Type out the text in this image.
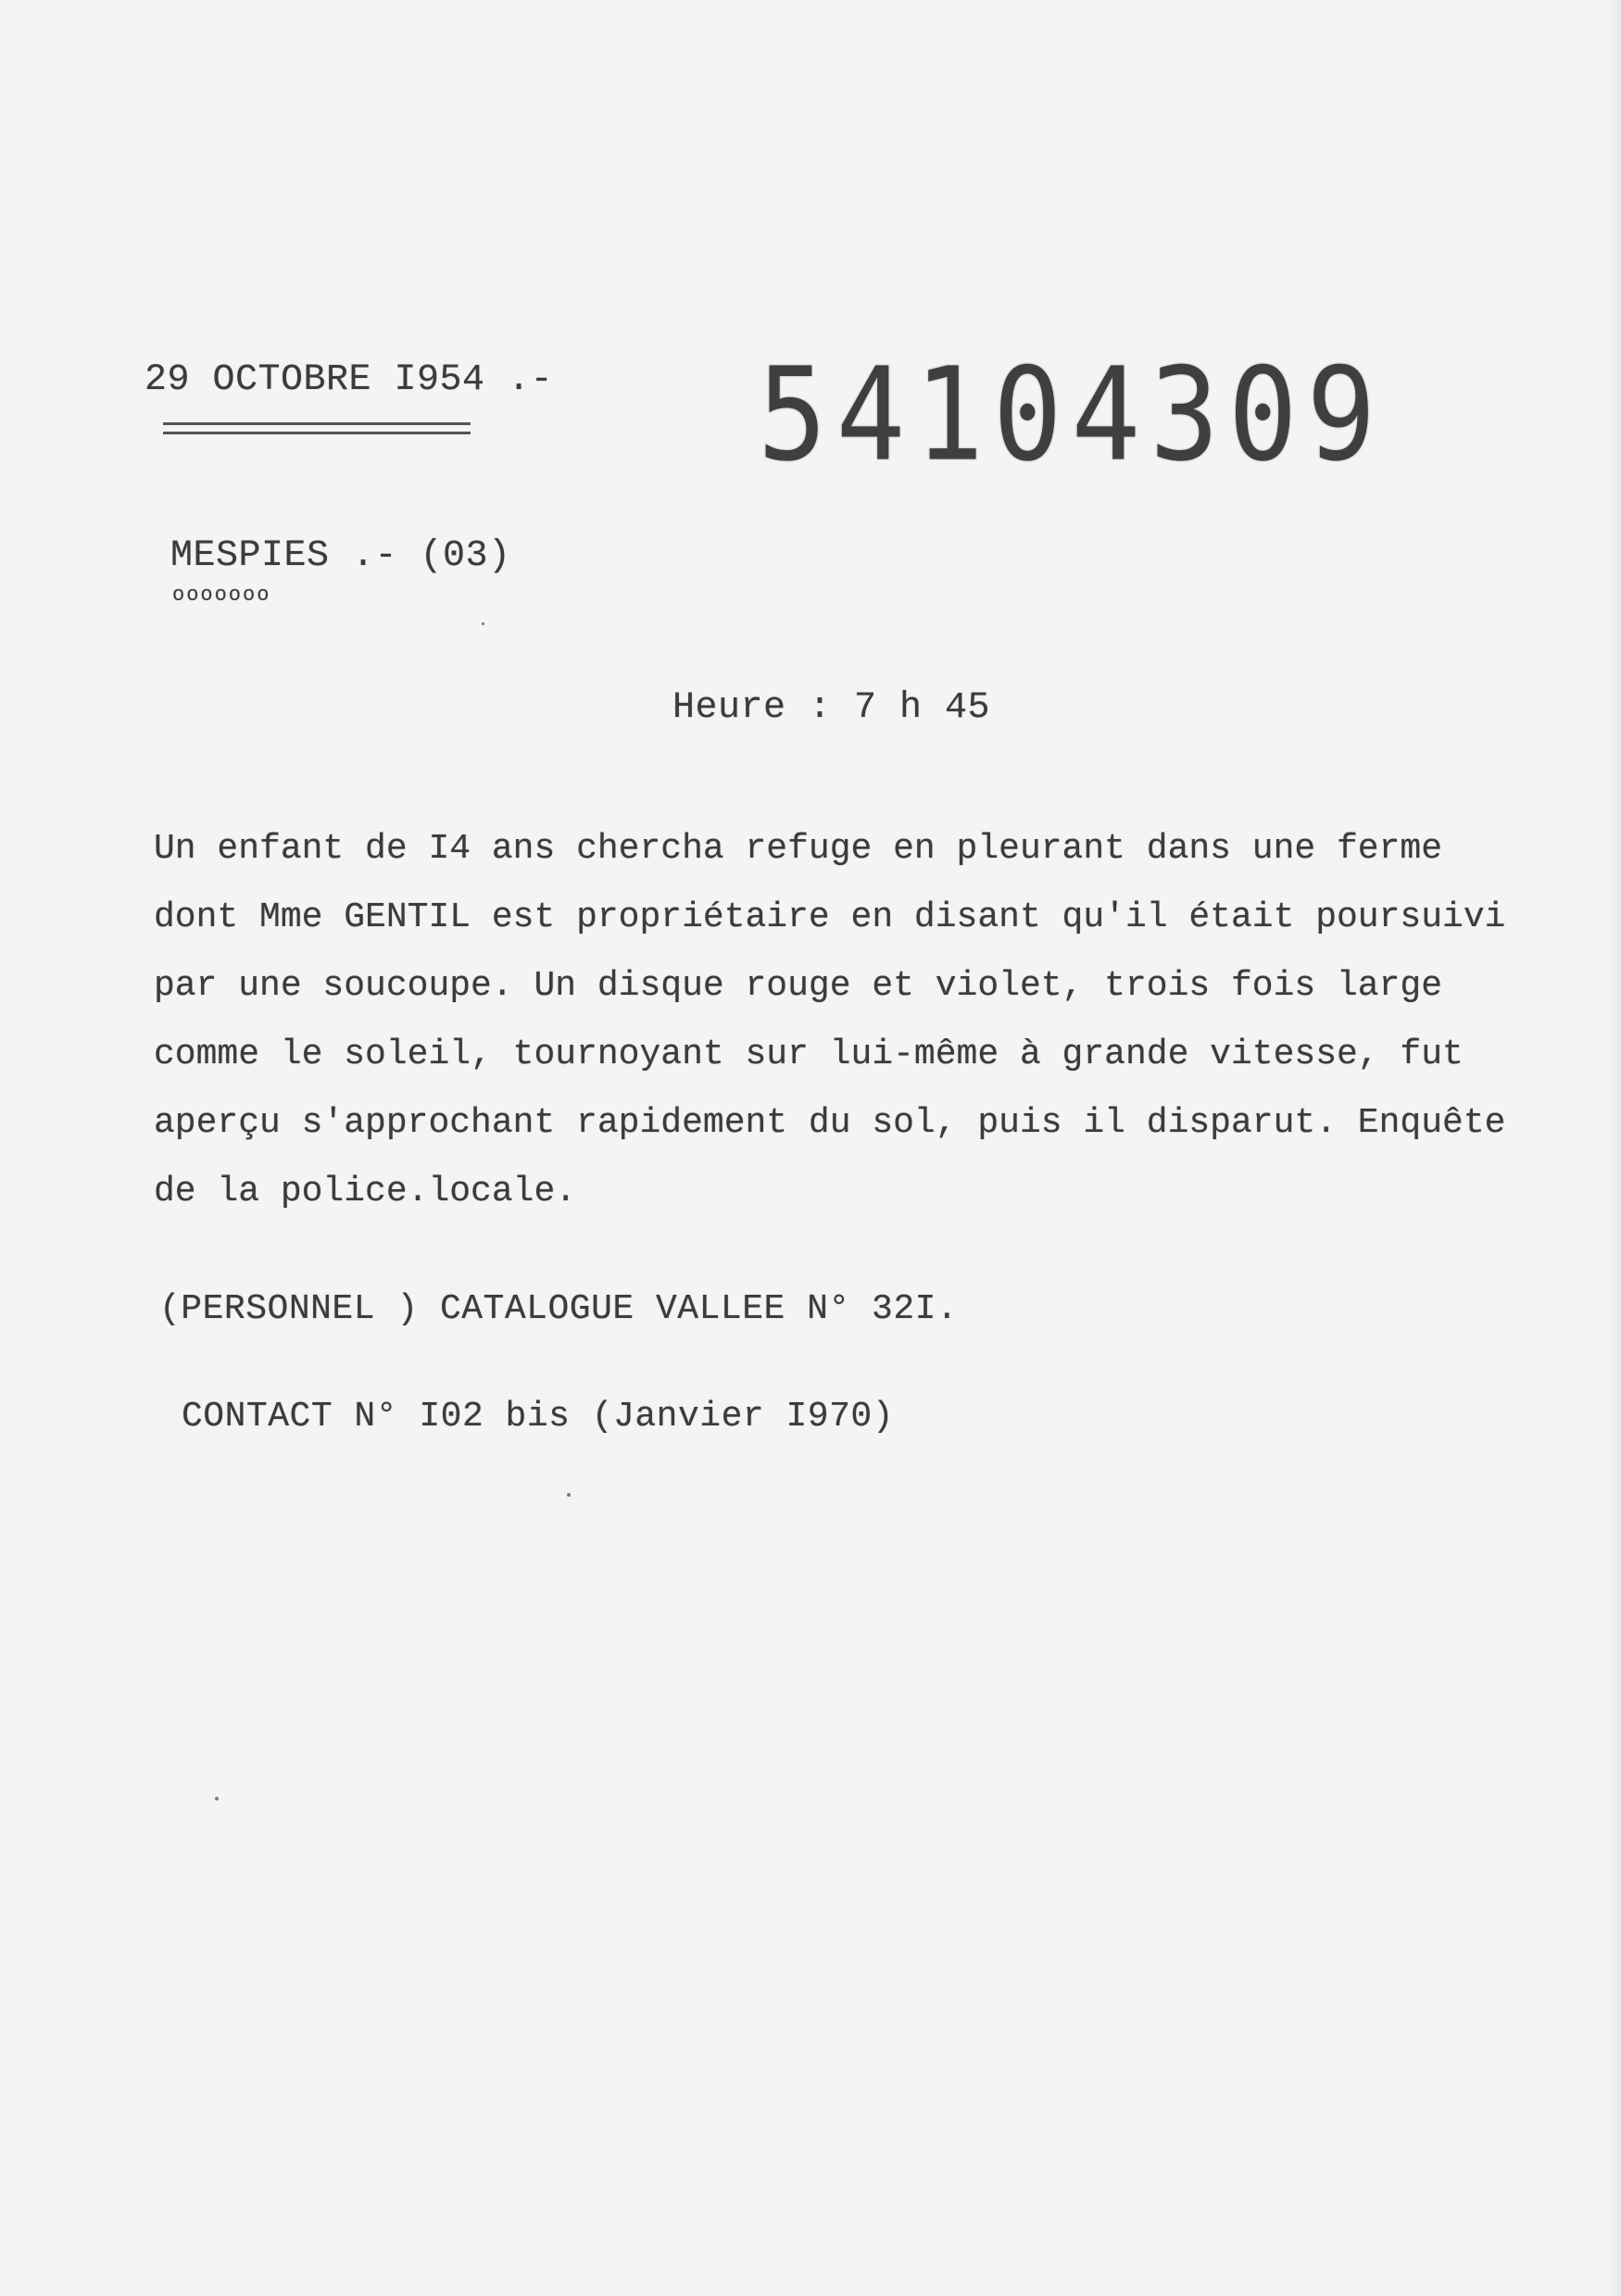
29 OCTOBRE I954 .- 54104309
MESPIES .- (03)
ooooooo
Heure : 7 h 45
Un enfant de I4 ans chercha refuge en pleurant dans une ferme
dont Mme GENTIL est propriétaire en disant qu'il était poursuivi
par une soucoupe. Un disque rouge et violet, trois fois large
comme le soleil, tournoyant sur lui-même à grande vitesse, fut
aperçu s'approchant rapidement du sol, puis il disparut. Enquête
de la police.locale.
(PERSONNEL ) CATALOGUE VALLEE N° 32I.
CONTACT N° I02 bis (Janvier I970)
